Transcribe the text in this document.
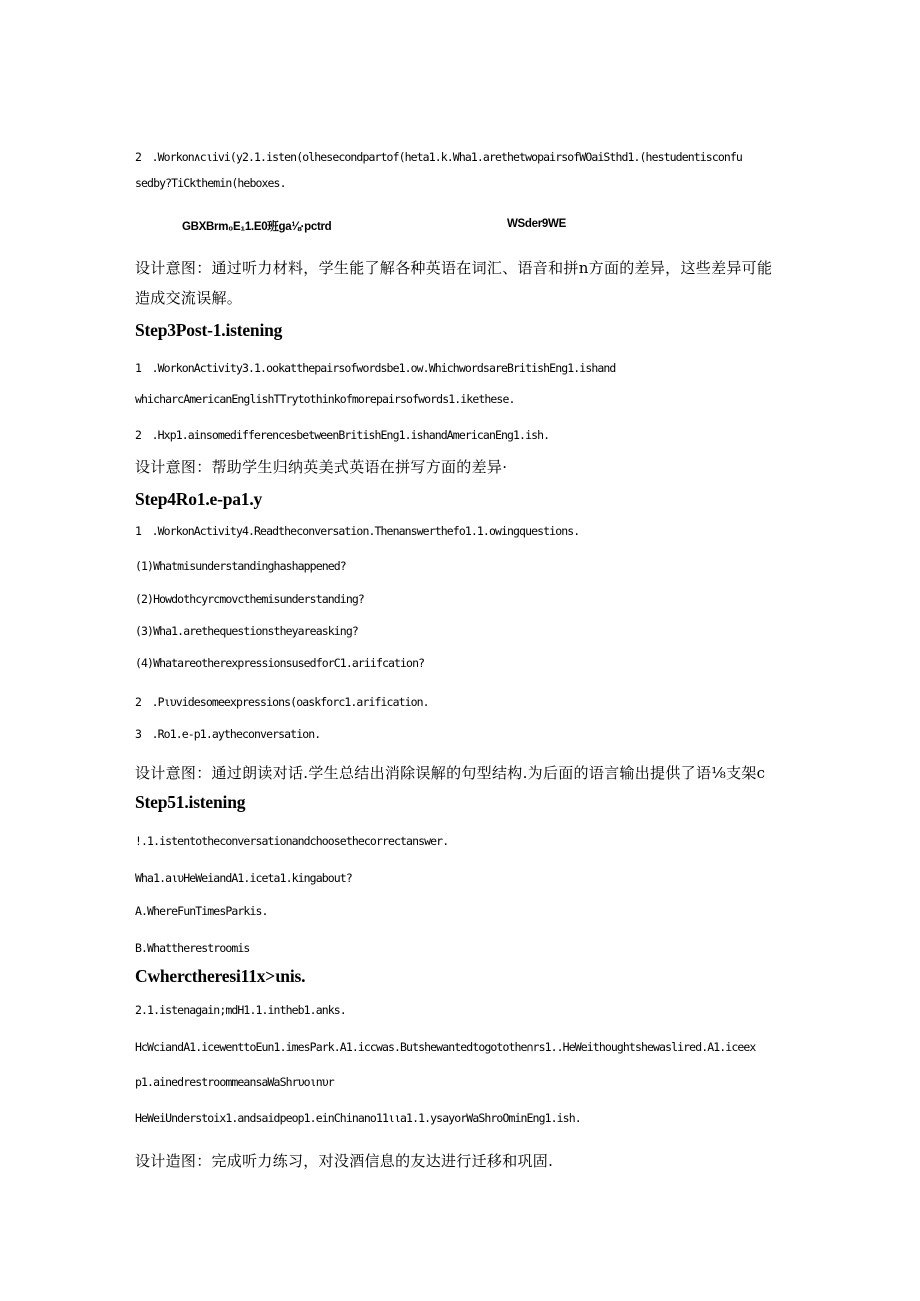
2　.Workon∧cιivi(y2.1.isten(olhesecondpartof(heta1.k.Wha1.arethetwopairsofWOaiSthd1.(hestudentisconfu
sedby?TiCkthemin(heboxes.
GBXBrm₀E₁1.E0班ga⅛·pctrd	WSder9WE
设计意图：通过听力材料，学生能了解各种英语在词汇、语音和拼n方面的差异，这些差异可能
造成交流误解。
Step3Post-1.istening
1　.WorkonActivity3.1.ookatthepairsofwordsbe1.ow.WhichwordsareBritishEng1.ishand
whicharcAmericanEnglishTTrytothinkofmorepairsofwords1.ikethese.
2　.Hxp1.ainsomedifferencesbetweenBritishEng1.ishandAmericanEng1.ish.
设计意图：帮助学生归纳英美式英语在拼写方面的差异·
Step4Ro1.e-pa1.y
1　.WorkonActivity4.Readtheconversation.Thenanswerthefo1.1.owingquestions.
(1)Whatmisunderstandinghashappened?
(2)Howdothcyrcmovcthemisunderstanding?
(3)Wha1.arethequestionstheyareasking?
(4)WhatareotherexpressionsusedforC1.ariifcation?
2　.Pιυvidesomeexpressions(oaskforc1.arification.
3　.Ro1.e-p1.aytheconversation.
设计意图：通过朗读对话.学生总结出消除误解的句型结构.为后面的语言输出提供了语⅛支架c
Step51.istening
!.1.istentotheconversationandchoosethecorrectanswer.
Wha1.aιυHeWeiandA1.iceta1.kingabout?
A.WhereFunTimesParkis.
B.Whattherestroomis
Cwherctheresi11x>ιnis.
2.1.istenagain;mdH1.1.intheb1.anks.
HcWciandA1.icewenttoEun1.imesPark.A1.iccwas.Butshewantedtogotothe∩rs1..HeWeithoughtshewaslired.A1.iceex
p1.ainedrestroommeansaWaShrυoιnυr
HeWeiUnderstoix1.andsaidpeop1.einChinano11ιιa1.1.ysayorWaShroOminEng1.ish.
设计造图：完成听力练习，对没酒信息的友达进行迁移和巩固.
